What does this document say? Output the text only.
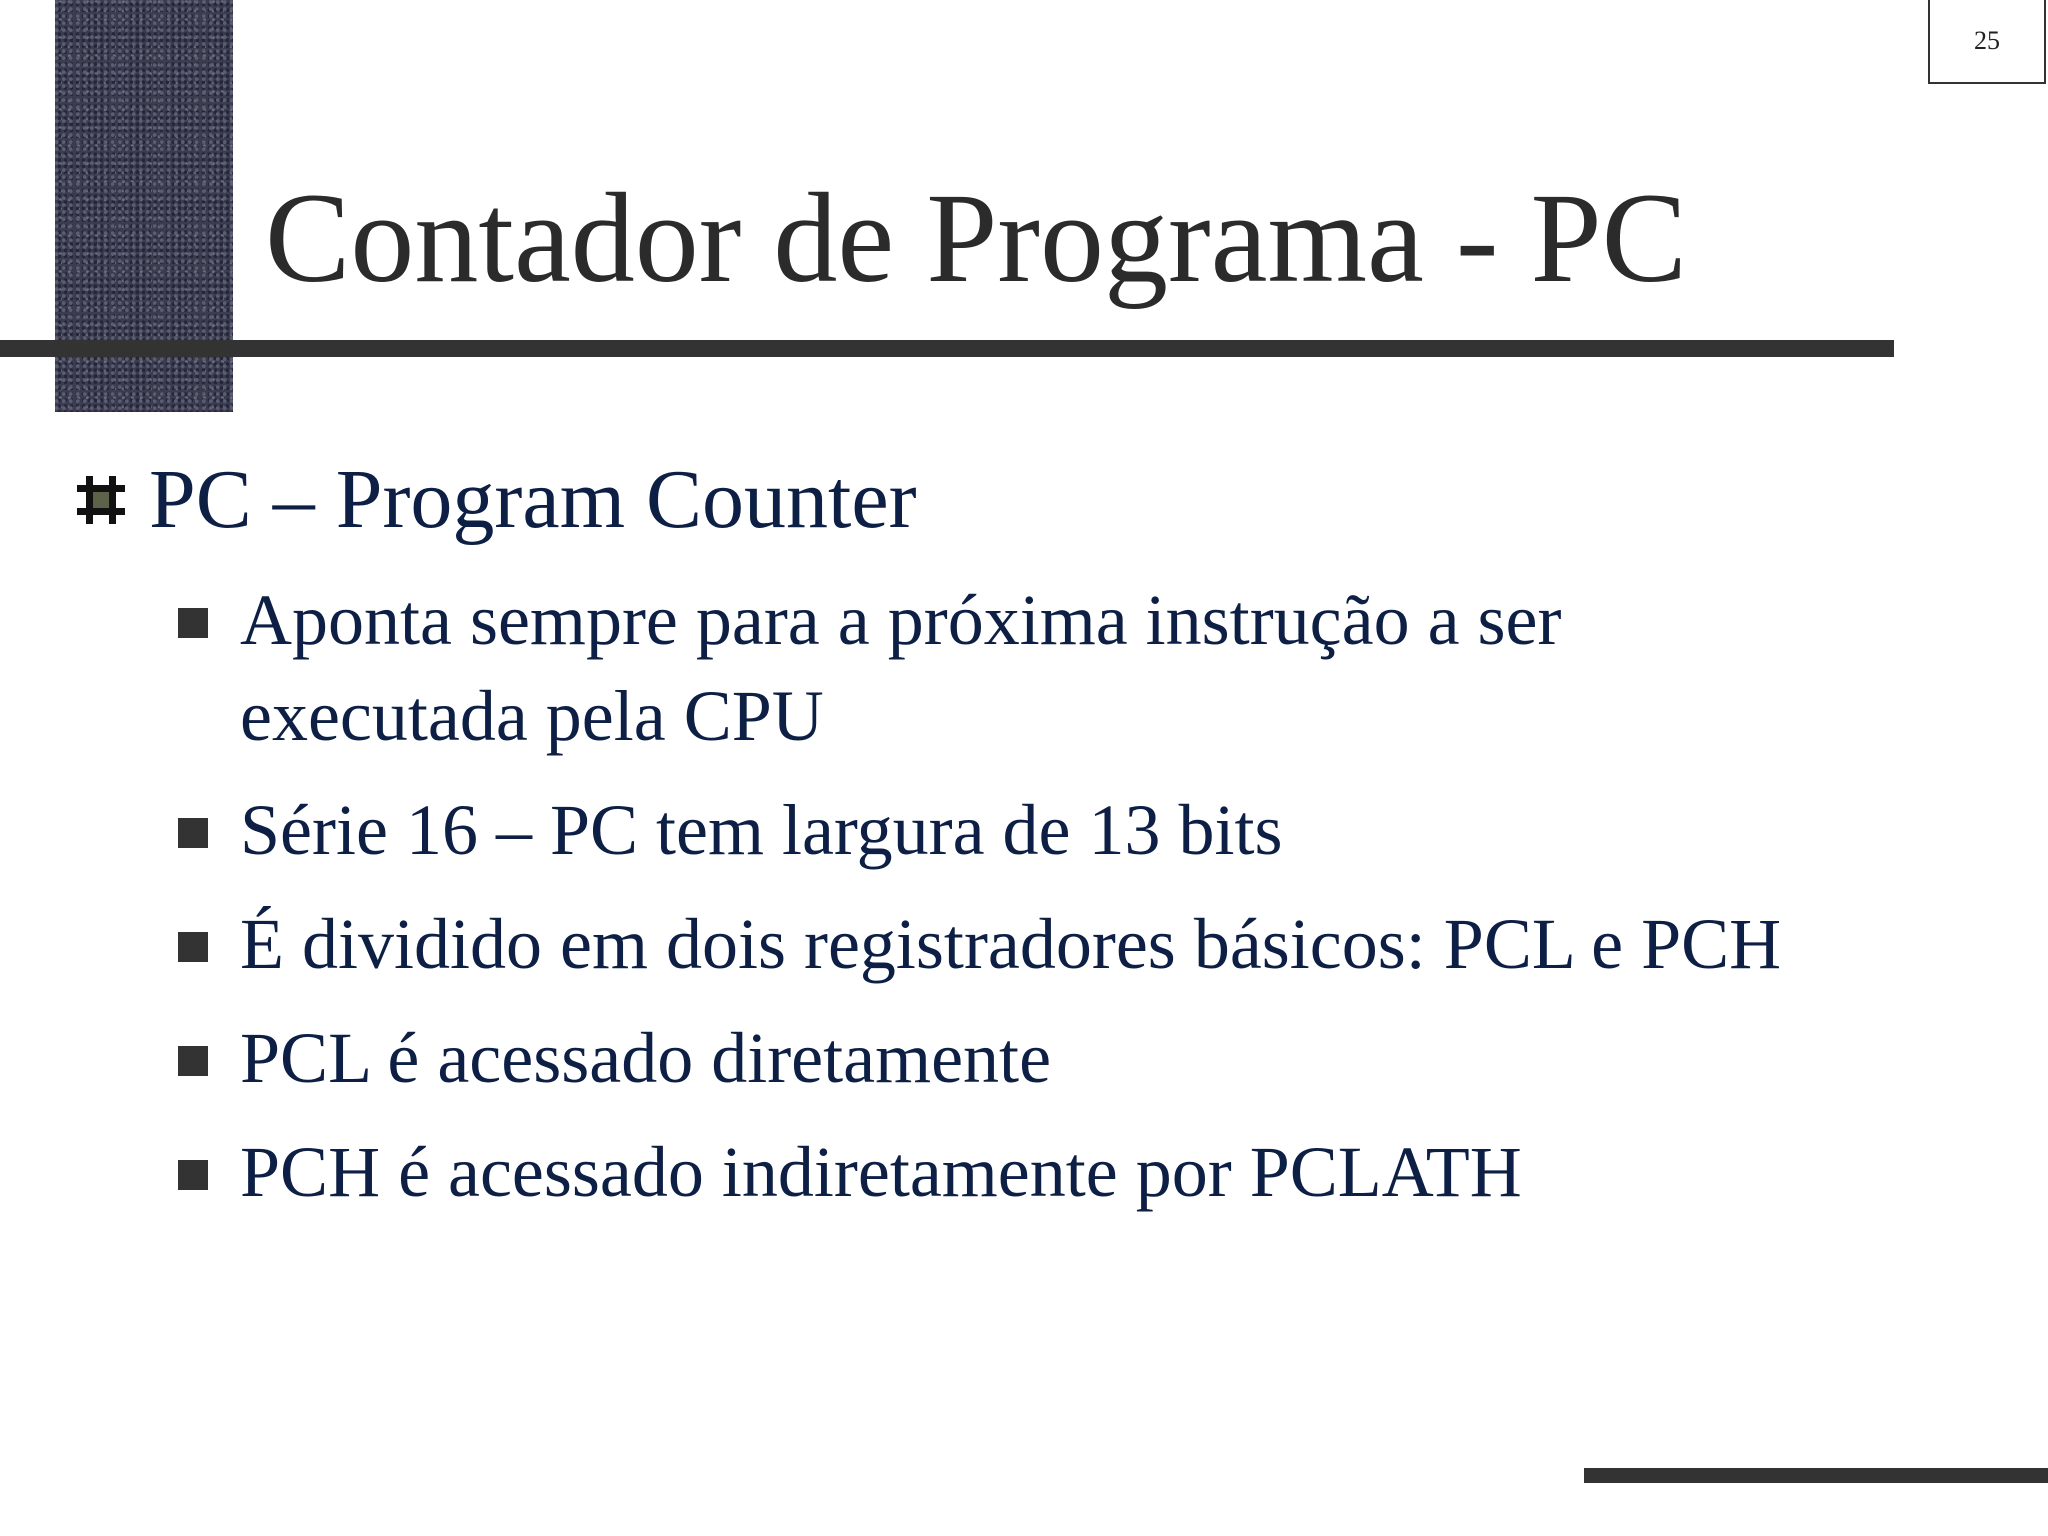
25
Contador de Programa - PC
PC – Program Counter
Aponta sempre para a próxima instrução a ser executada pela CPU
Série 16 – PC tem largura de 13 bits
É dividido em dois registradores básicos: PCL e PCH
PCL é acessado diretamente
PCH é acessado indiretamente por PCLATH
